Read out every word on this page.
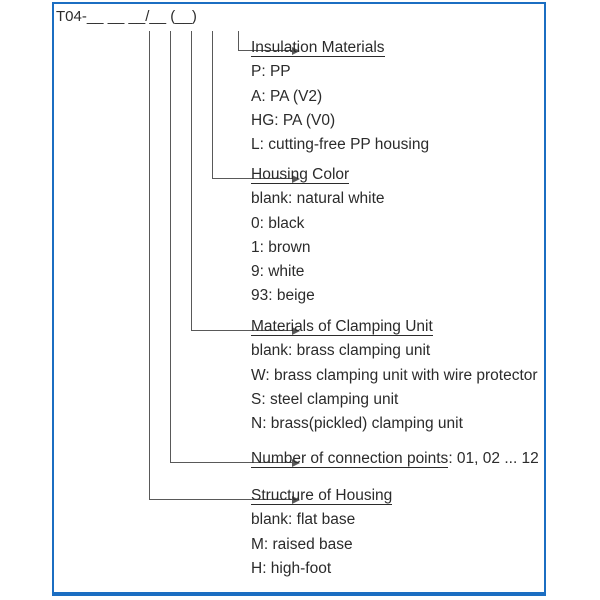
T04-__ __ __/__ (__)
Insulation Materials
P: PP
A: PA (V2)
HG: PA (V0)
L: cutting-free PP housing
Housing Color
blank: natural white
0: black
1: brown
9: white
93: beige
Materials of Clamping Unit
blank: brass clamping unit
W: brass clamping unit with wire protector
S: steel clamping unit
N: brass(pickled) clamping unit
Number of connection points: 01, 02 ... 12
Structure of Housing
blank: flat base
M: raised base
H: high-foot
